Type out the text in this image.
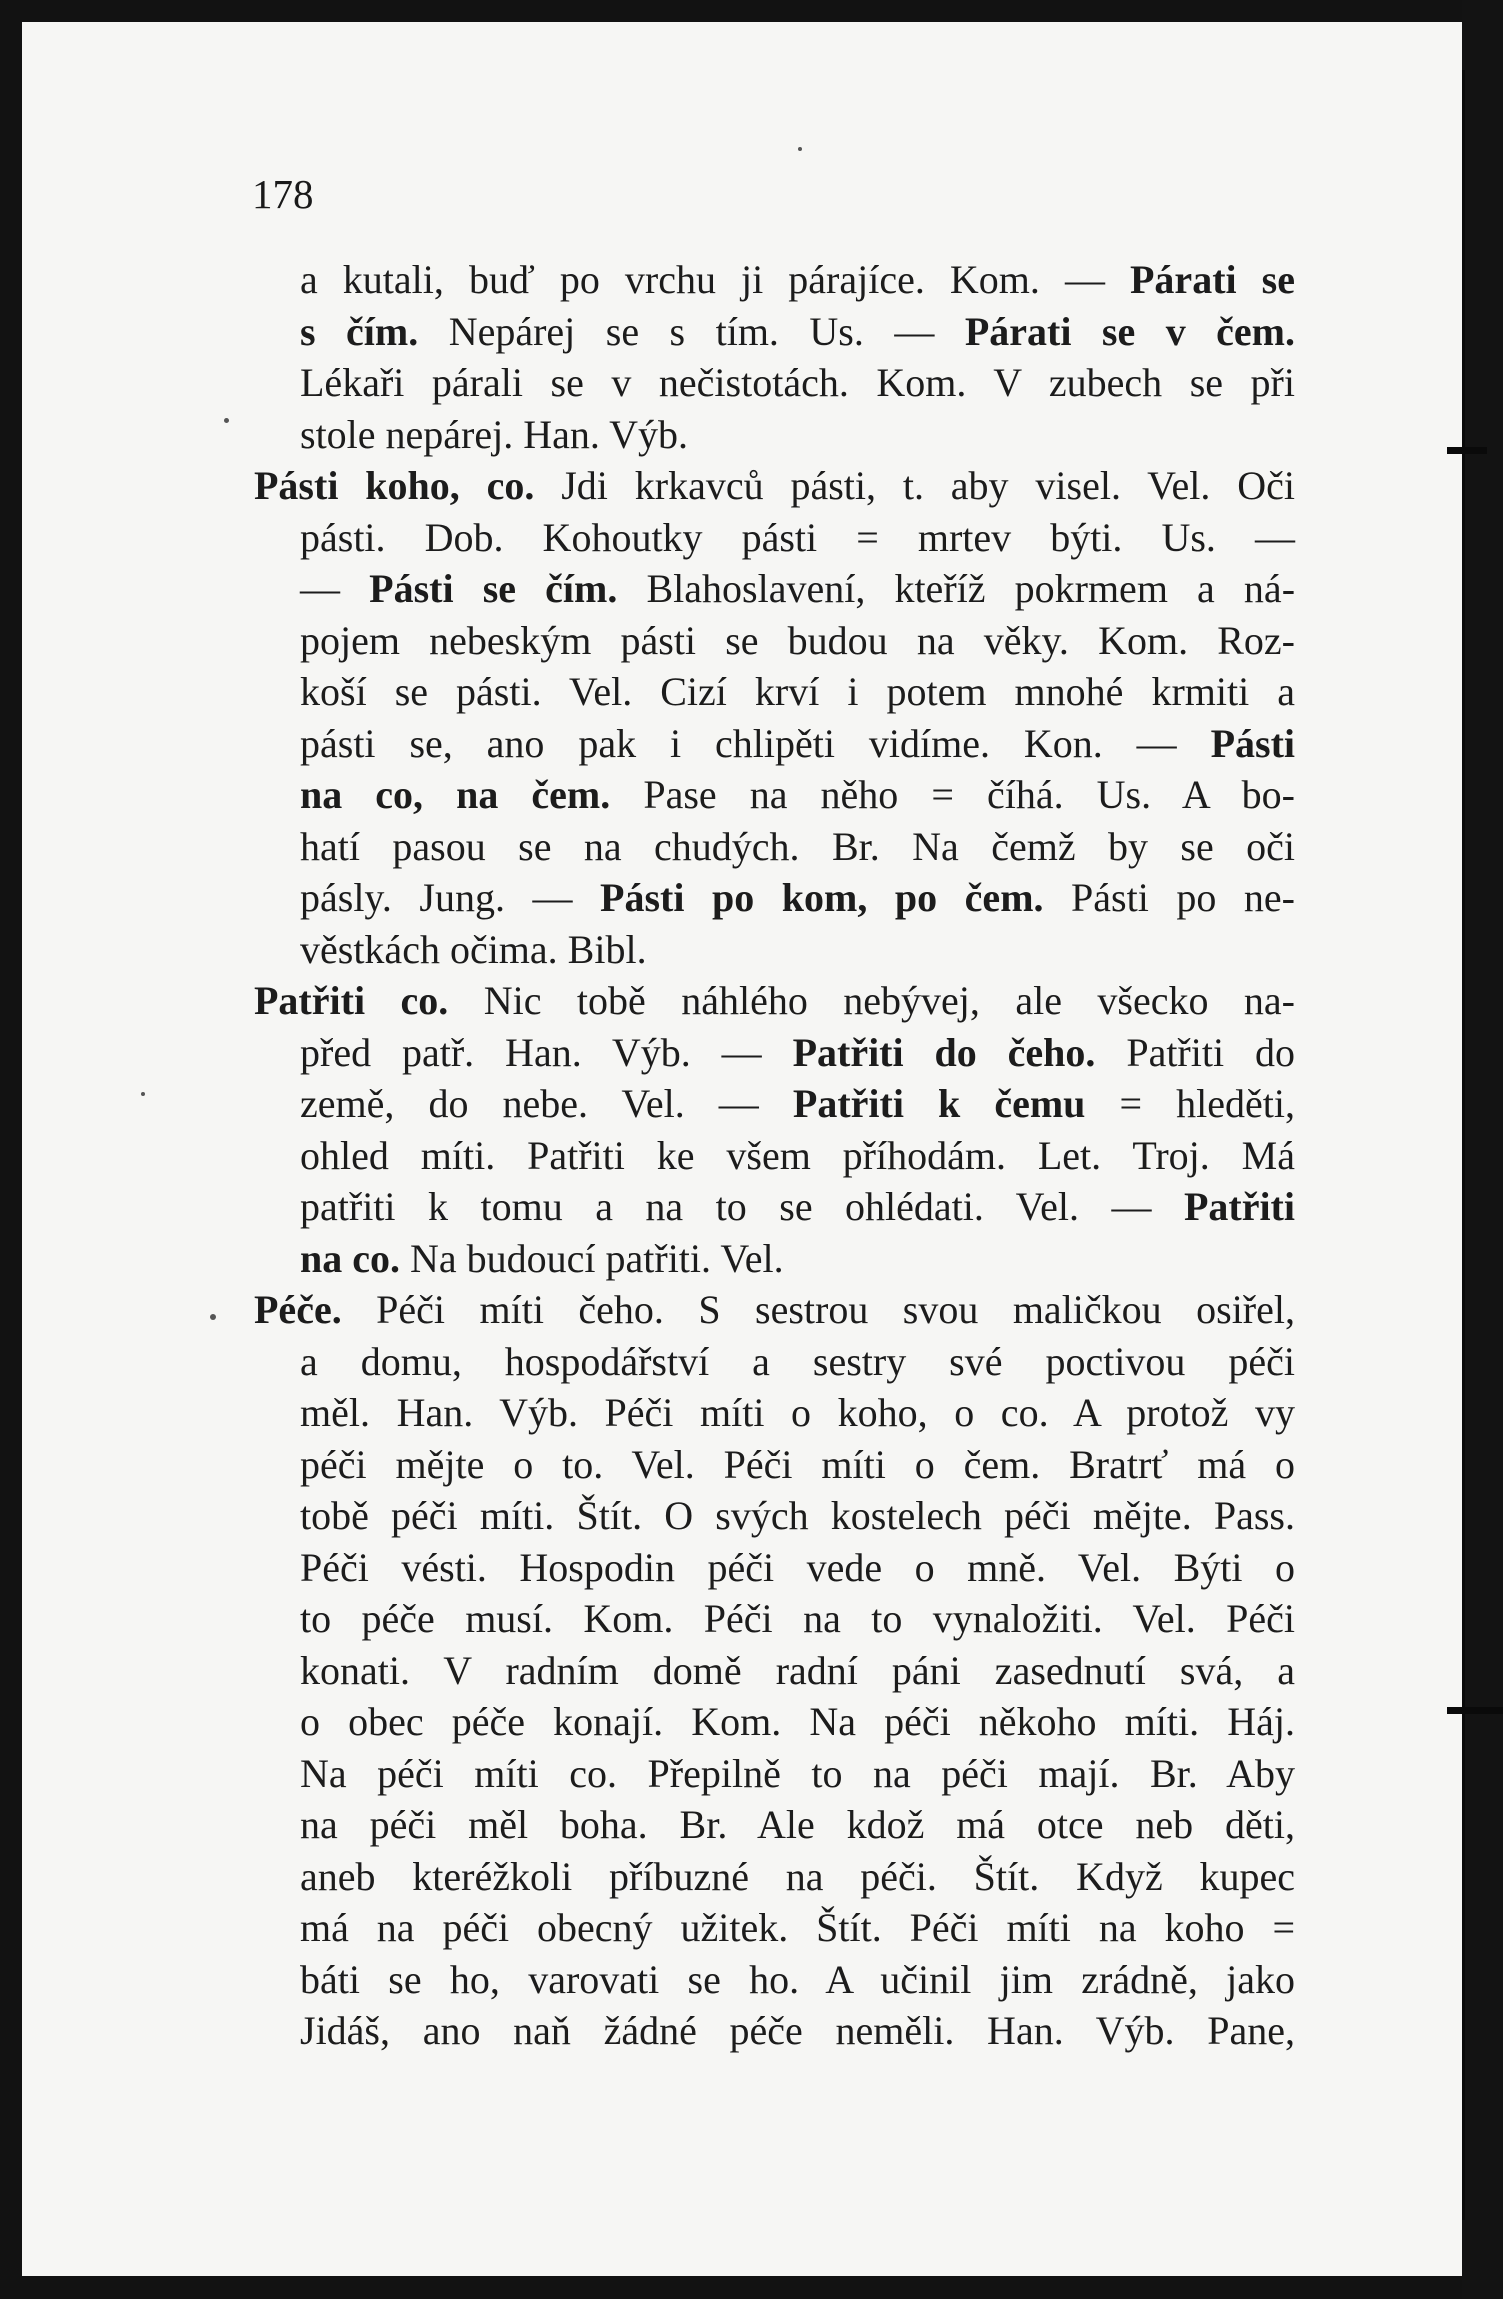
178
a kutali, buď po vrchu ji párajíce. Kom. — Párati se
s čím. Nepárej se s tím. Us. — Párati se v čem.
Lékaři párali se v nečistotách. Kom. V zubech se při
stole nepárej. Han. Výb.
Pásti koho, co. Jdi krkavců pásti, t. aby visel. Vel. Oči
pásti. Dob. Kohoutky pásti = mrtev býti. Us. —
— Pásti se čím. Blahoslavení, kteříž pokrmem a ná-
pojem nebeským pásti se budou na věky. Kom. Roz-
koší se pásti. Vel. Cizí krví i potem mnohé krmiti a
pásti se, ano pak i chlipěti vidíme. Kon. — Pásti
na co, na čem. Pase na něho = číhá. Us. A bo-
hatí pasou se na chudých. Br. Na čemž by se oči
pásly. Jung. — Pásti po kom, po čem. Pásti po ne-
věstkách očima. Bibl.
Patřiti co. Nic tobě náhlého nebývej, ale všecko na-
před patř. Han. Výb. — Patřiti do čeho. Patřiti do
země, do nebe. Vel. — Patřiti k čemu = hleděti,
ohled míti. Patřiti ke všem příhodám. Let. Troj. Má
patřiti k tomu a na to se ohlédati. Vel. — Patřiti
na co. Na budoucí patřiti. Vel.
Péče. Péči míti čeho. S sestrou svou maličkou osiřel,
a domu, hospodářství a sestry své poctivou péči
měl. Han. Výb. Péči míti o koho, o co. A protož vy
péči mějte o to. Vel. Péči míti o čem. Bratrť má o
tobě péči míti. Štít. O svých kostelech péči mějte. Pass.
Péči vésti. Hospodin péči vede o mně. Vel. Býti o
to péče musí. Kom. Péči na to vynaložiti. Vel. Péči
konati. V radním domě radní páni zasednutí svá, a
o obec péče konají. Kom. Na péči někoho míti. Háj.
Na péči míti co. Přepilně to na péči mají. Br. Aby
na péči měl boha. Br. Ale kdož má otce neb děti,
aneb kteréžkoli příbuzné na péči. Štít. Když kupec
má na péči obecný užitek. Štít. Péči míti na koho =
báti se ho, varovati se ho. A učinil jim zrádně, jako
Jidáš, ano naň žádné péče neměli. Han. Výb. Pane,
